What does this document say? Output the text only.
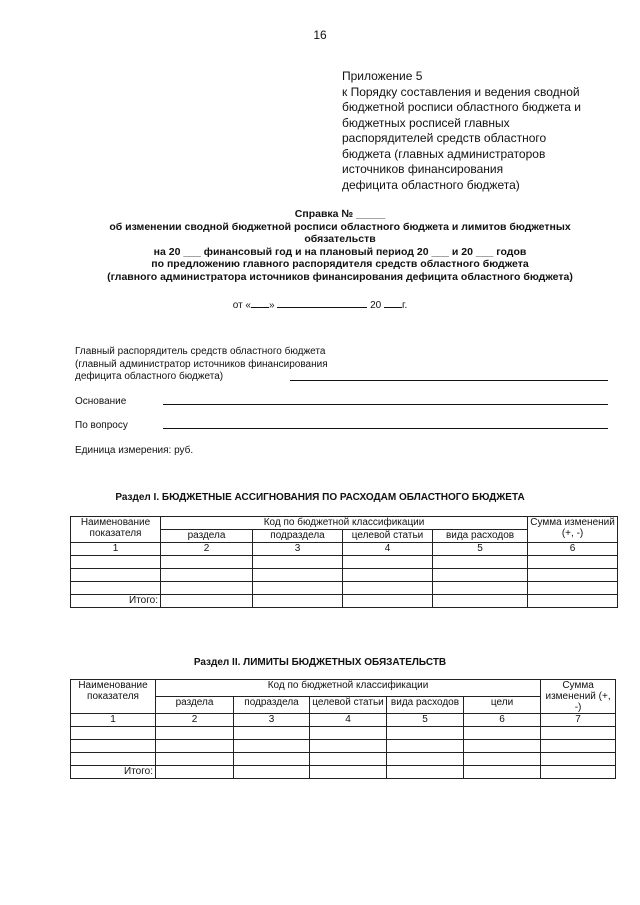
16
Приложение 5
к Порядку составления и ведения сводной
бюджетной росписи областного бюджета и
бюджетных росписей главных
распорядителей средств областного
бюджета (главных администраторов
источников финансирования
дефицита областного бюджета)
Справка № _____
об изменении сводной бюджетной росписи областного бюджета и лимитов бюджетных
обязательств
на 20 ___ финансовый год и на плановый период 20 ___ и 20 ___ годов
по предложению главного распорядителя средств областного бюджета
(главного администратора источников финансирования дефицита областного бюджета)
от « »	20 г.
Главный распорядитель средств областного бюджета
(главный администратор источников финансирования
дефицита областного бюджета)
Основание
По вопросу
Единица измерения: руб.
Раздел I. БЮДЖЕТНЫЕ АССИГНОВАНИЯ ПО РАСХОДАМ ОБЛАСТНОГО БЮДЖЕТА
Наименование показателя	Код по бюджетной классификации				Сумма изменений (+, -)
	раздела	подраздела	целевой статьи	вида расходов	
1	2	3	4	5	6

Итого:					
Раздел II. ЛИМИТЫ БЮДЖЕТНЫХ ОБЯЗАТЕЛЬСТВ
Наименование показателя	Код по бюджетной классификации					Сумма изменений (+, -)
	раздела	подраздела	целевой статьи	вида расходов	цели	
1	2	3	4	5	6	7

Итого:						
